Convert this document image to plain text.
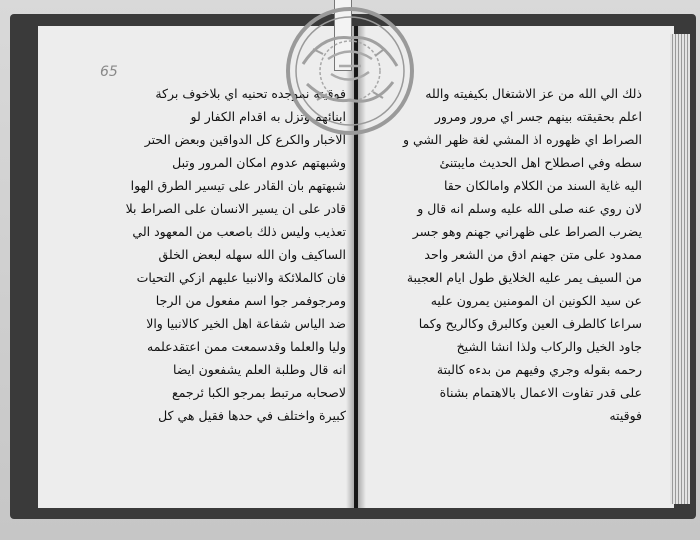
65
فوقيته نموجده تحنيه اي بلاخوف بركة
ابنائهم وتزل به اقدام الكفار لو
الاخبار والكرع كل الدواقين وبعض الحتر
وشبهتهم عدوم امكان المرور وتبل
شبهتهم بان القادر على تيسير الطرق الهوا
قادر على ان يسير الانسان على الصراط بلا
تعذيب وليس ذلك باصعب من المعهود الي
الساكيف وان الله سهله لبعض الخلق
فان كالملائكة والانبيا عليهم ازكي التحيات
ومرجوفمر جوا اسم مفعول من الرجا
ضد الياس شفاعة اهل الخير كالانبيا والا
وليا والعلما وقدسمعت ممن اعتقدعلمه
انه قال وطلبة العلم يشفعون ايضا
لاصحابه مرتبط بمرجو الكبا ئرجمع
كبيرة واختلف في حدها فقيل هي كل
ذلك الي الله من عز الاشتغال بكيفيته والله
اعلم بحقيقته بينهم جسر اي مرور ومرور
الصراط اي ظهوره اذ المشي لغة ظهر الشي و
سطه وفي اصطلاح اهل الحديث مايبتنئ
اليه غاية السند من الكلام وامالكان حقا
لان روي عنه صلى الله عليه وسلم انه قال و
يضرب الصراط على ظهراني جهنم وهو جسر
ممدود على متن جهنم ادق من الشعر واحد
من السيف يمر عليه الخلايق طول ايام العجيبة
عن سيد الكونين ان المومنين يمرون عليه
سراعا كالطرف العين وكالبرق وكالريح وكما
جاود الخيل والركاب ولذا انشا الشيخ
رحمه بقوله وجري وفيهم من بدءه كالبتة
على قدر تفاوت الاعمال بالاهتمام بشناة
فوقيته
